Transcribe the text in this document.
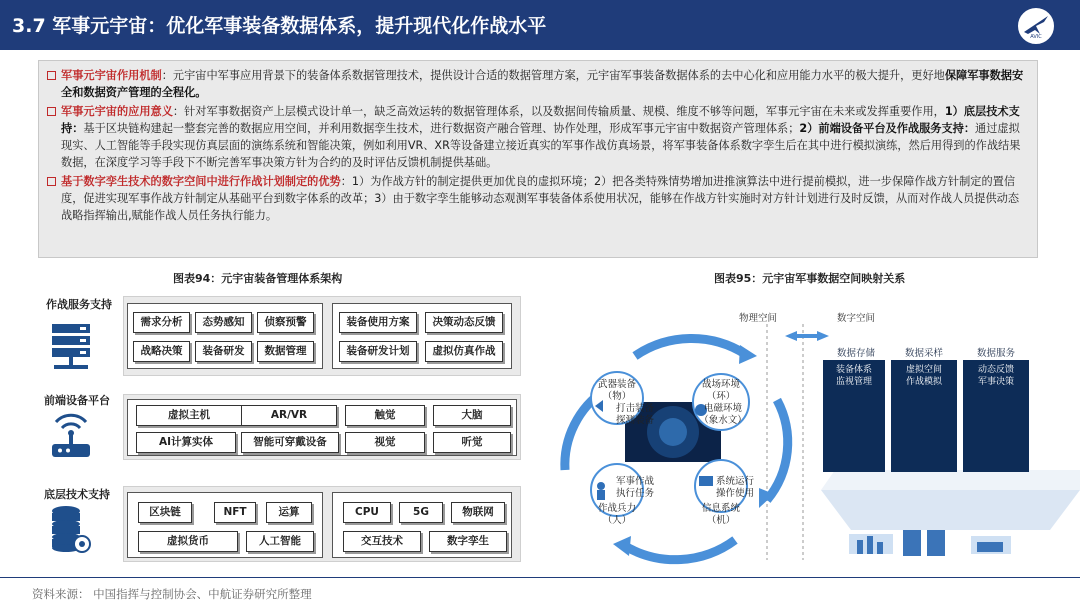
3.7 军事元宇宙：优化军事装备数据体系，提升现代化作战水平	AVIC

军事元宇宙作用机制：元宇宙中军事应用背景下的装备体系数据管理技术，提供设计合适的数据管理方案，元宇宙军事装备数据体系的去中心化和应用能力水平的极大提升，更好地保障军事数据安全和数据资产管理的全程化。

军事元宇宙的应用意义：针对军事数据资产上层模式设计单一，缺乏高效运转的数据管理体系，以及数据间传输质量、规模、维度不够等问题，军事元宇宙在未来或发挥重要作用，1）底层技术支持：基于区块链构建起一整套完善的数据应用空间，并利用数据孪生技术，进行数据资产融合管理、协作处理，形成军事元宇宙中数据资产管理体系；2）前端设备平台及作战服务支持：通过虚拟现实、人工智能等手段实现仿真层面的演练系统和智能决策，例如利用VR、XR等设备建立接近真实的军事作战仿真场景，将军事装备体系数字孪生后在其中进行模拟演练，然后用得到的作战结果数据，在深度学习等手段下不断完善军事决策方针为合约的及时评估反馈机制提供基础。

基于数字孪生技术的数字空间中进行作战计划制定的优势：1）为作战方针的制定提供更加优良的虚拟环境；2）把各类特殊情势增加进推演算法中进行提前模拟，进一步保障作战方针制定的置信度，促进实现军事作战方针制定从基础平台到数字体系的改革；3）由于数字孪生能够动态观测军事装备体系使用状况，能够在作战方针实施时对方针计划进行及时反馈，从而对作战人员提供动态战略指挥输出,赋能作战人员任务执行能力。

图表94：元宇宙装备管理体系架构
作战服务支持
需求分析	态势感知	侦察预警
战略决策	装备研发	数据管理
装备使用方案	决策动态反馈
装备研发计划	虚拟仿真作战
前端设备平台
虚拟主机	AR/VR	触觉	大脑
AI计算实体	智能可穿戴设备	视觉	听觉
底层技术支持
区块链	NFT	运算
虚拟货币	人工智能
CPU	5G	物联网
交互技术	数字孪生
图表95：元宇宙军事数据空间映射关系
物理空间	数字空间
武器装备
（物）
战场环境
（环）
打击装备
探测装备
电磁环境
（象水文）
军事作战
执行任务
系统运行
操作使用
作战兵力
（人）
信息系统
（机）
数据存储	数据采样	数据服务
装备体系
监视管理
虚拟空间
作战模拟
动态反馈
军事决策
资料来源： 中国指挥与控制协会、中航证券研究所整理
